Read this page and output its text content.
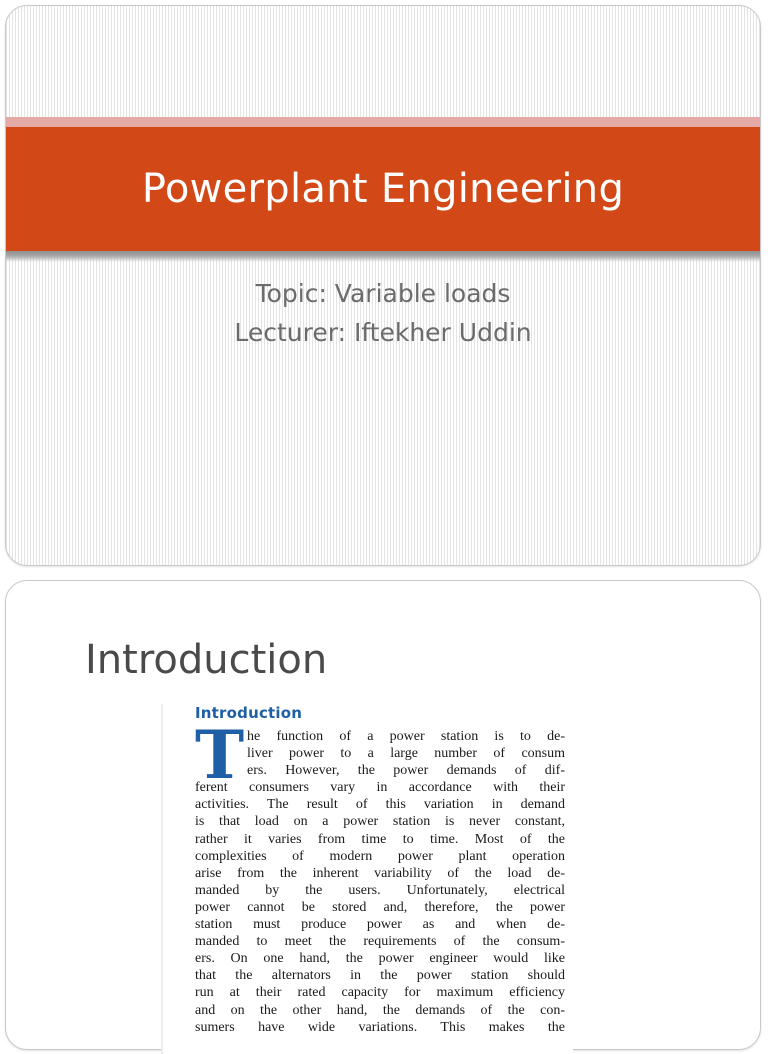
Powerplant Engineering
Topic: Variable loads
Lecturer: Iftekher Uddin
Introduction
Introduction
T he function of a power station is to de-
liver power to a large number of consum
ers. However, the power demands of dif-
ferent consumers vary in accordance with their
activities. The result of this variation in demand
is that load on a power station is never constant,
rather it varies from time to time. Most of the
complexities of modern power plant operation
arise from the inherent variability of the load de-
manded by the users. Unfortunately, electrical
power cannot be stored and, therefore, the power
station must produce power as and when de-
manded to meet the requirements of the consum-
ers. On one hand, the power engineer would like
that the alternators in the power station should
run at their rated capacity for maximum efficiency
and on the other hand, the demands of the con-
sumers have wide variations. This makes the
